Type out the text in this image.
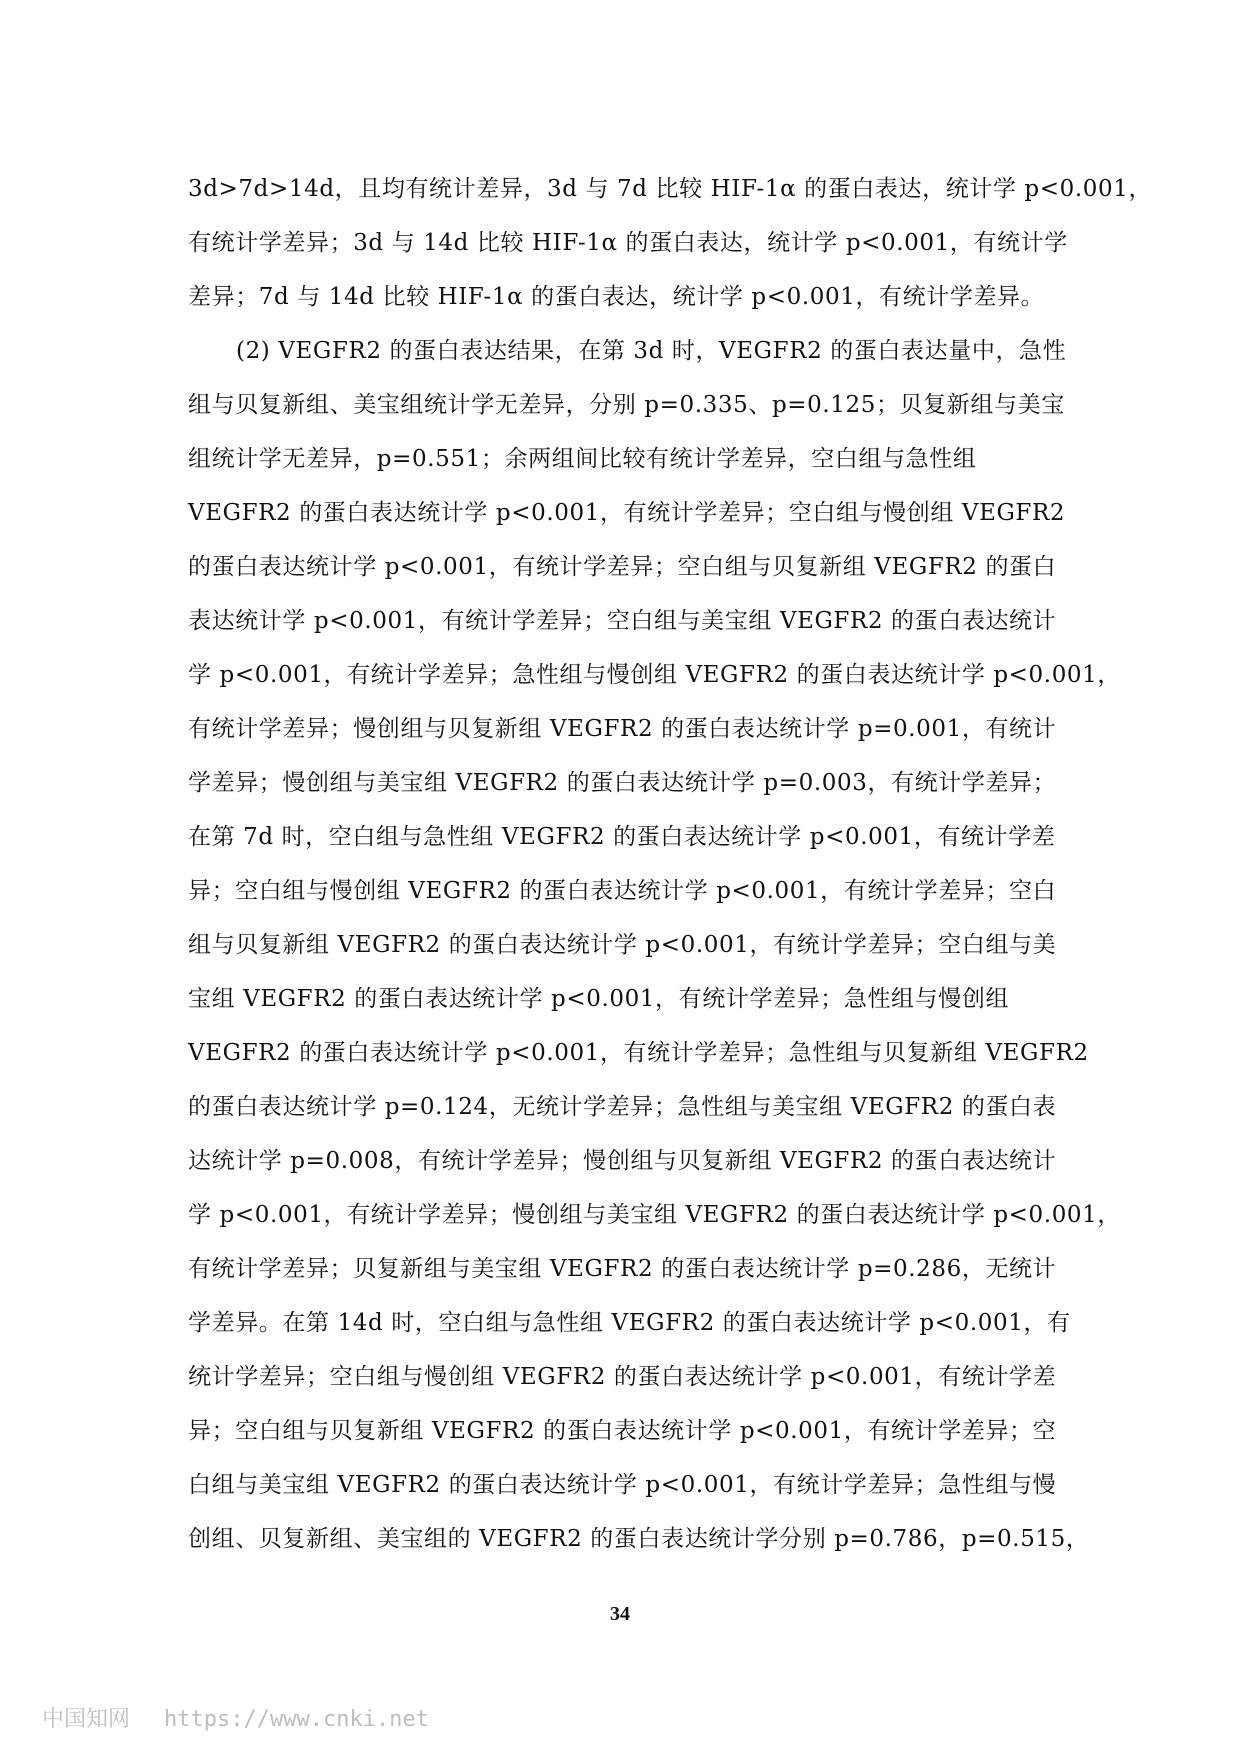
3d>7d>14d，且均有统计差异，3d 与 7d 比较 HIF-1α 的蛋白表达，统计学 p<0.001，
有统计学差异；3d 与 14d 比较 HIF-1α 的蛋白表达，统计学 p<0.001，有统计学
差异；7d 与 14d 比较 HIF-1α 的蛋白表达，统计学 p<0.001，有统计学差异。
(2) VEGFR2 的蛋白表达结果，在第 3d 时，VEGFR2 的蛋白表达量中，急性
组与贝复新组、美宝组统计学无差异，分别 p=0.335、p=0.125；贝复新组与美宝
组统计学无差异，p=0.551；余两组间比较有统计学差异，空白组与急性组
VEGFR2 的蛋白表达统计学 p<0.001，有统计学差异；空白组与慢创组 VEGFR2
的蛋白表达统计学 p<0.001，有统计学差异；空白组与贝复新组 VEGFR2 的蛋白
表达统计学 p<0.001，有统计学差异；空白组与美宝组 VEGFR2 的蛋白表达统计
学 p<0.001，有统计学差异；急性组与慢创组 VEGFR2 的蛋白表达统计学 p<0.001，
有统计学差异；慢创组与贝复新组 VEGFR2 的蛋白表达统计学 p=0.001，有统计
学差异；慢创组与美宝组 VEGFR2 的蛋白表达统计学 p=0.003，有统计学差异；
在第 7d 时，空白组与急性组 VEGFR2 的蛋白表达统计学 p<0.001，有统计学差
异；空白组与慢创组 VEGFR2 的蛋白表达统计学 p<0.001，有统计学差异；空白
组与贝复新组 VEGFR2 的蛋白表达统计学 p<0.001，有统计学差异；空白组与美
宝组 VEGFR2 的蛋白表达统计学 p<0.001，有统计学差异；急性组与慢创组
VEGFR2 的蛋白表达统计学 p<0.001，有统计学差异；急性组与贝复新组 VEGFR2
的蛋白表达统计学 p=0.124，无统计学差异；急性组与美宝组 VEGFR2 的蛋白表
达统计学 p=0.008，有统计学差异；慢创组与贝复新组 VEGFR2 的蛋白表达统计
学 p<0.001，有统计学差异；慢创组与美宝组 VEGFR2 的蛋白表达统计学 p<0.001，
有统计学差异；贝复新组与美宝组 VEGFR2 的蛋白表达统计学 p=0.286，无统计
学差异。在第 14d 时，空白组与急性组 VEGFR2 的蛋白表达统计学 p<0.001，有
统计学差异；空白组与慢创组 VEGFR2 的蛋白表达统计学 p<0.001，有统计学差
异；空白组与贝复新组 VEGFR2 的蛋白表达统计学 p<0.001，有统计学差异；空
白组与美宝组 VEGFR2 的蛋白表达统计学 p<0.001，有统计学差异；急性组与慢
创组、贝复新组、美宝组的 VEGFR2 的蛋白表达统计学分别 p=0.786，p=0.515，
34
中国知网 https://www.cnki.net
